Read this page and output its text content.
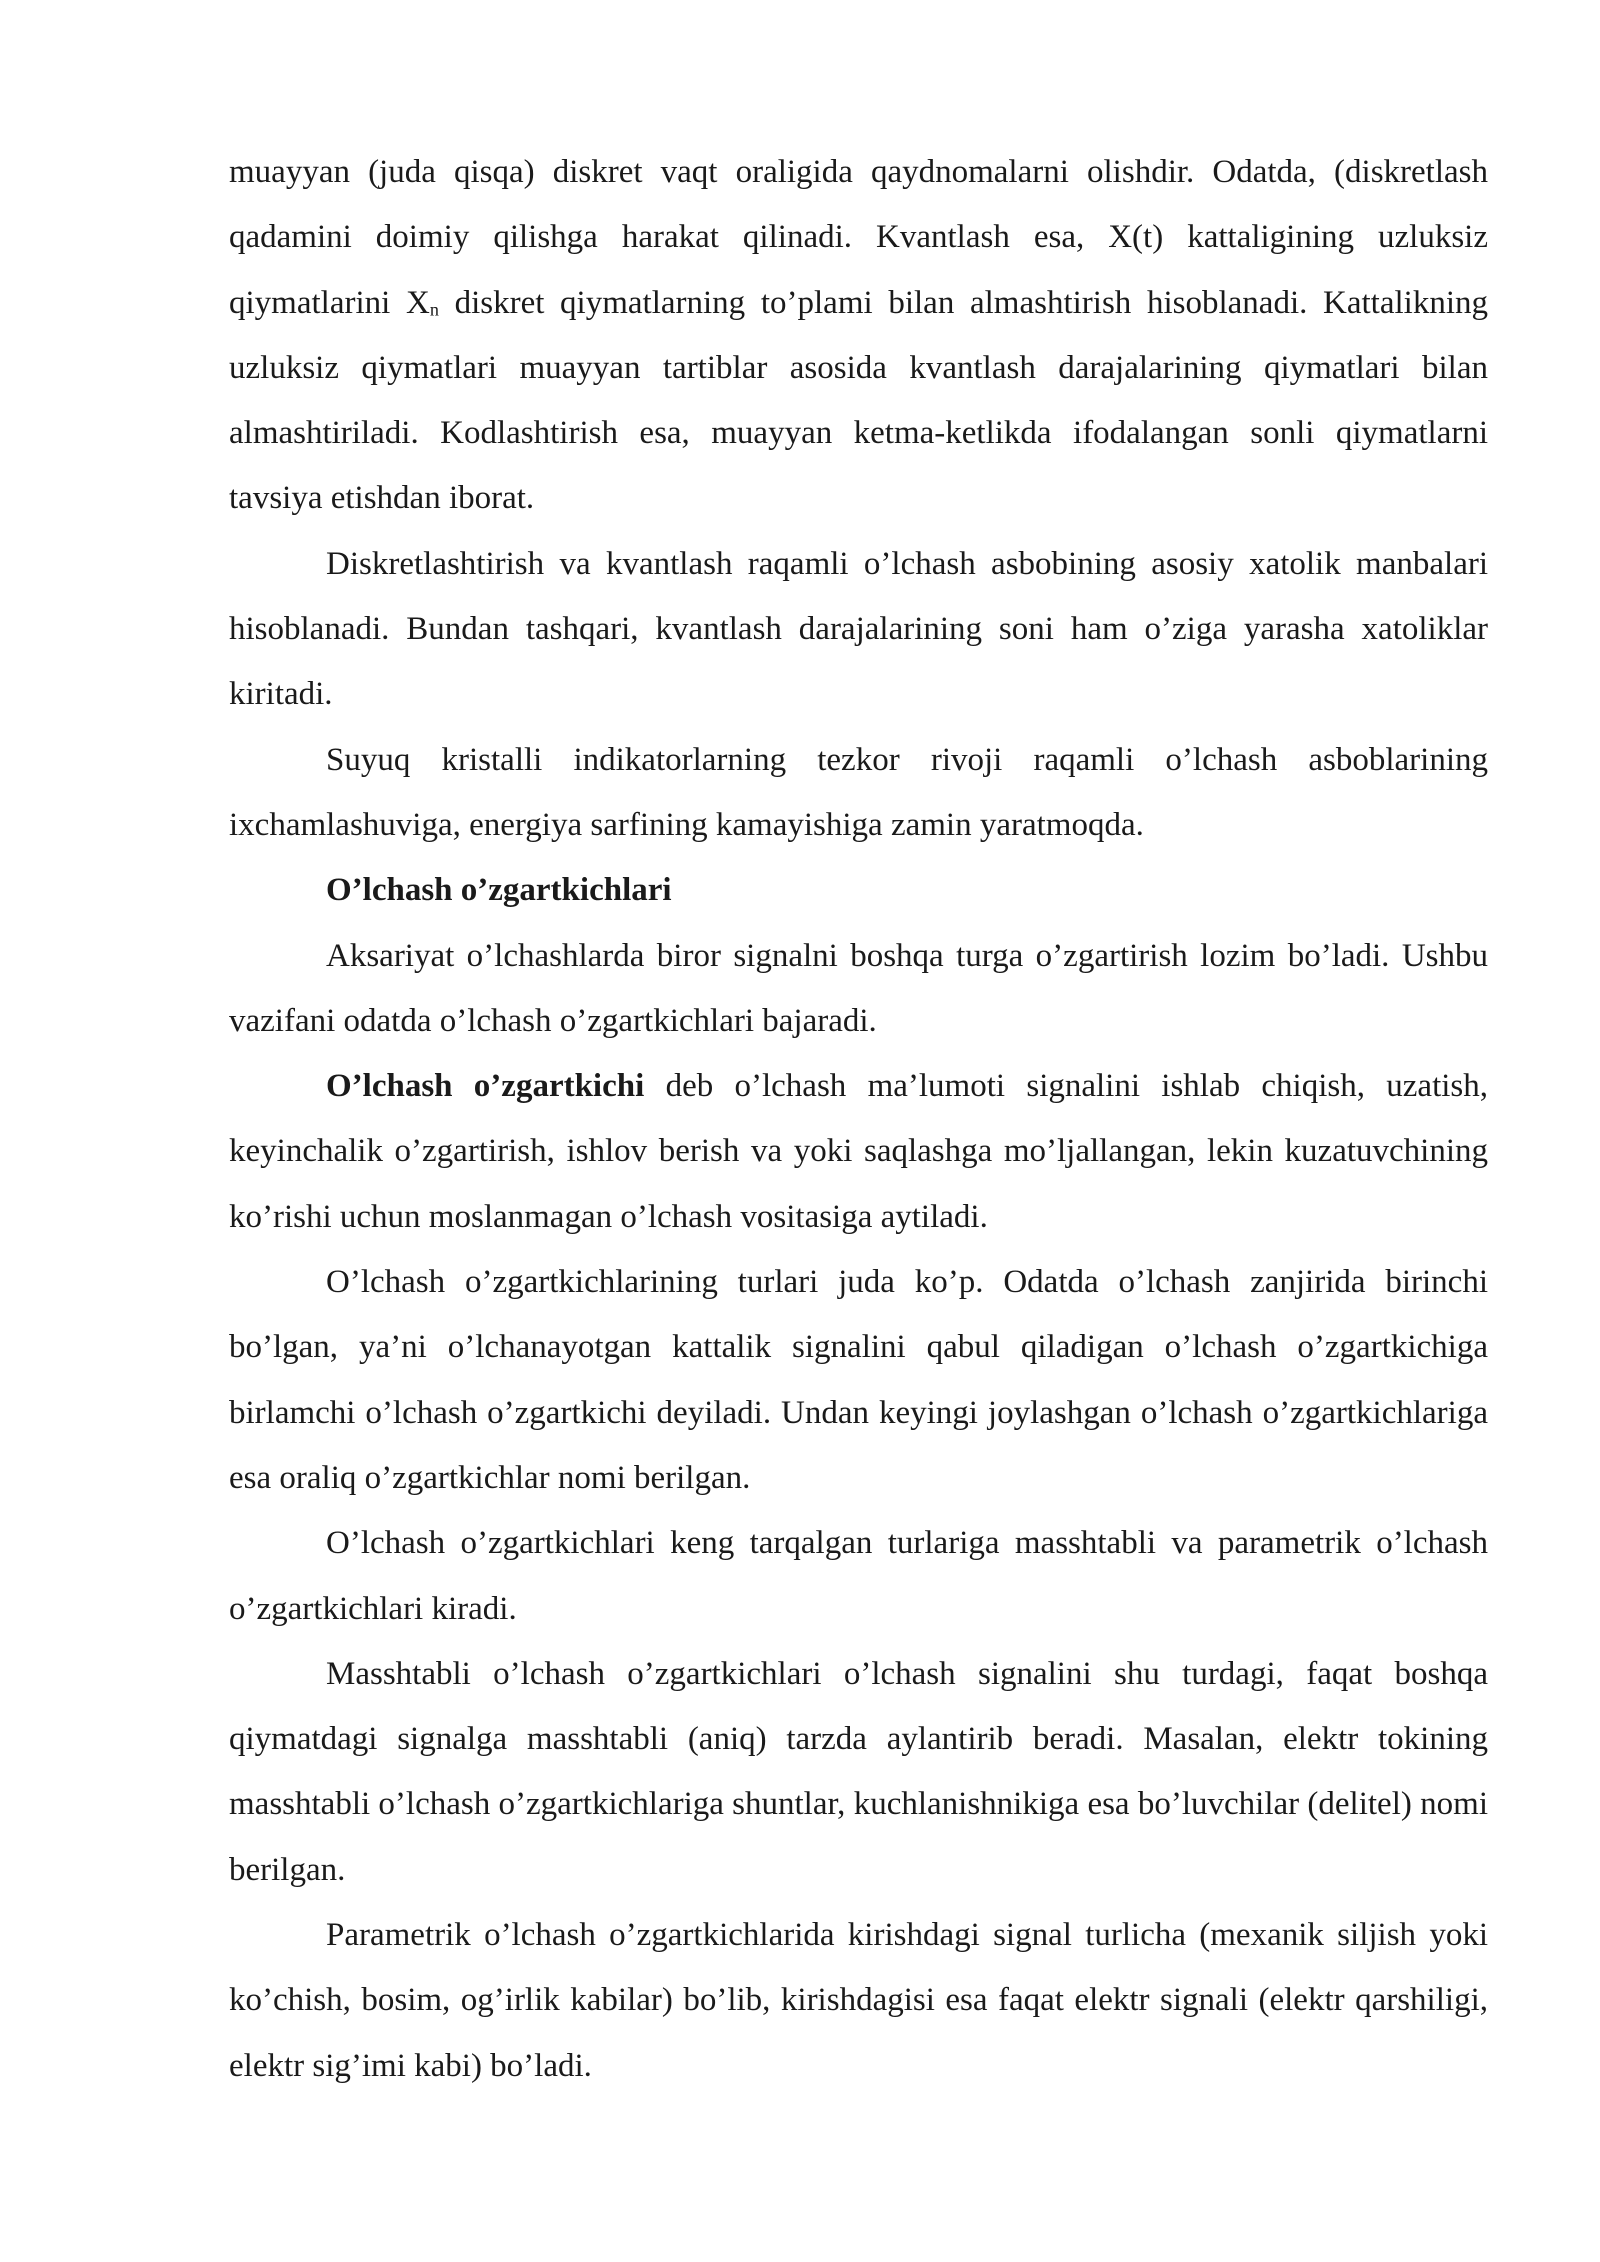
muayyan (juda qisqa) diskret vaqt oraligida qaydnomalarni olishdir. Odatda, (diskretlash qadamini doimiy qilishga harakat qilinadi. Kvantlash esa, X(t) kattaligining uzluksiz qiymatlarini $X_n$ diskret qiymatlarning to’plami bilan almashtirish hisoblanadi. Kattalikning uzluksiz qiymatlari muayyan tartiblar asosida kvantlash darajalarining qiymatlari bilan almashtiriladi. Kodlashtirish esa, muayyan ketma-ketlikda ifodalangan sonli qiymatlarni tavsiya etishdan iborat.

Diskretlashtirish va kvantlash raqamli o’lchash asbobining asosiy xatolik manbalari hisoblanadi. Bundan tashqari, kvantlash darajalarining soni ham o’ziga yarasha xatoliklar kiritadi.

Suyuq kristalli indikatorlarning tezkor rivoji raqamli o’lchash asboblarining ixchamlashuviga, energiya sarfining kamayishiga zamin yaratmoqda.

O’lchash o’zgartkichlari

Aksariyat o’lchashlarda biror signalni boshqa turga o’zgartirish lozim bo’ladi. Ushbu vazifani odatda o’lchash o’zgartkichlari bajaradi.

O’lchash o’zgartkichi deb o’lchash ma’lumoti signalini ishlab chiqish, uzatish, keyinchalik o’zgartirish, ishlov berish va yoki saqlashga mo’ljallangan, lekin kuzatuvchining ko’rishi uchun moslanmagan o’lchash vositasiga aytiladi.

O’lchash o’zgartkichlarining turlari juda ko’p. Odatda o’lchash zanjirida birinchi bo’lgan, ya’ni o’lchanayotgan kattalik signalini qabul qiladigan o’lchash o’zgartkichiga birlamchi o’lchash o’zgartkichi deyiladi. Undan keyingi joylashgan o’lchash o’zgartkichlariga esa oraliq o’zgartkichlar nomi berilgan.

O’lchash o’zgartkichlari keng tarqalgan turlariga masshtabli va parametrik o’lchash o’zgartkichlari kiradi.

Masshtabli o’lchash o’zgartkichlari o’lchash signalini shu turdagi, faqat boshqa qiymatdagi signalga masshtabli (aniq) tarzda aylantirib beradi. Masalan, elektr tokining masshtabli o’lchash o’zgartkichlariga shuntlar, kuchlanishnikiga esa bo’luvchilar (delitel) nomi berilgan.

Parametrik o’lchash o’zgartkichlarida kirishdagi signal turlicha (mexanik siljish yoki ko’chish, bosim, og’irlik kabilar) bo’lib, kirishdagisi esa faqat elektr signali (elektr qarshiligi, elektr sig’imi kabi) bo’ladi.
